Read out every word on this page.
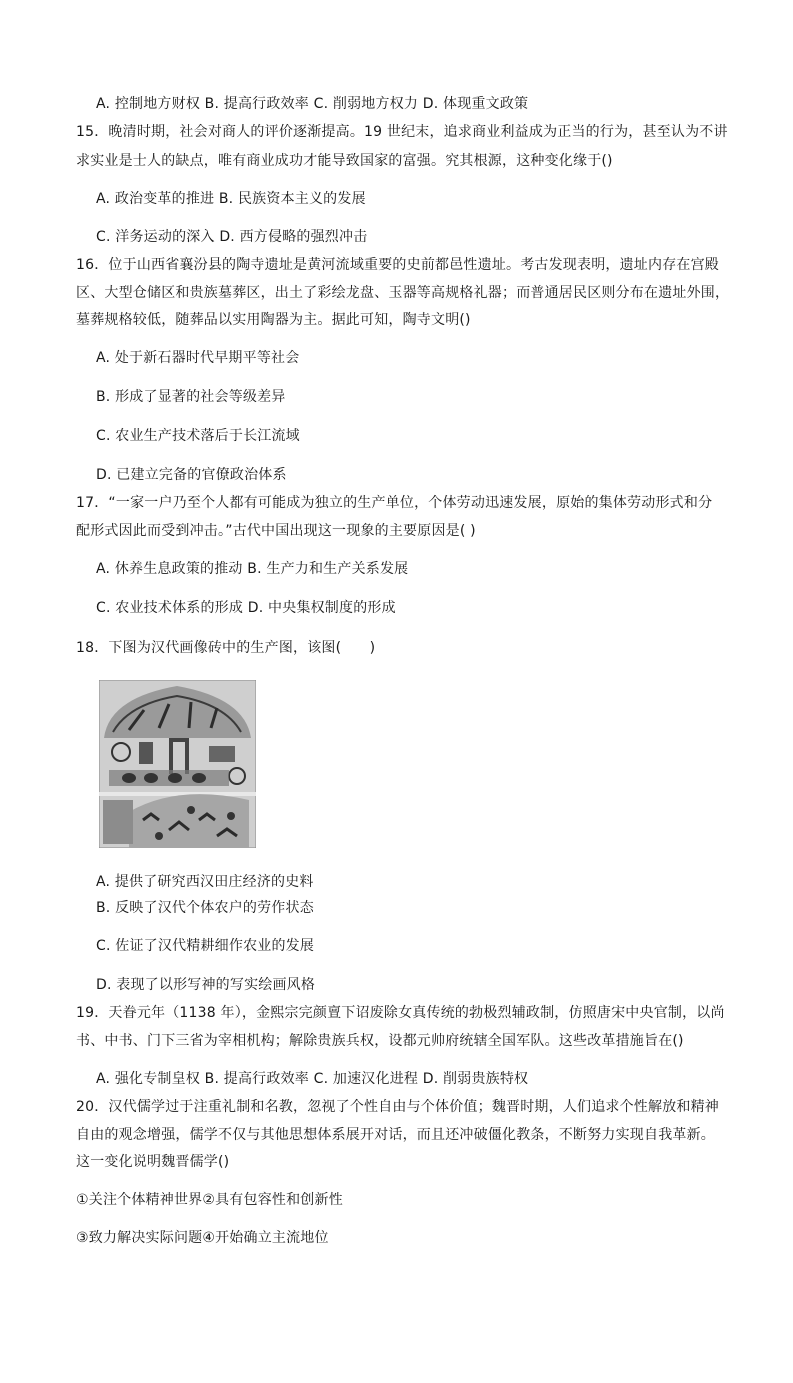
A. 控制地方财权 B. 提高行政效率 C. 削弱地方权力 D. 体现重文政策
15．晚清时期，社会对商人的评价逐渐提高。19 世纪末，追求商业利益成为正当的行为，甚至认为不讲
求实业是士人的缺点，唯有商业成功才能导致国家的富强。究其根源，这种变化缘于()
A. 政治变革的推进 B. 民族资本主义的发展
C. 洋务运动的深入 D. 西方侵略的强烈冲击
16．位于山西省襄汾县的陶寺遗址是黄河流域重要的史前都邑性遗址。考古发现表明，遗址内存在宫殿
区、大型仓储区和贵族墓葬区，出土了彩绘龙盘、玉器等高规格礼器；而普通居民区则分布在遗址外围，
墓葬规格较低，随葬品以实用陶器为主。据此可知，陶寺文明()
A. 处于新石器时代早期平等社会
B. 形成了显著的社会等级差异
C. 农业生产技术落后于长江流域
D. 已建立完备的官僚政治体系
17．“一家一户乃至个人都有可能成为独立的生产单位，个体劳动迅速发展，原始的集体劳动形式和分
配形式因此而受到冲击。”古代中国出现这一现象的主要原因是( )
A. 休养生息政策的推动 B. 生产力和生产关系发展
C. 农业技术体系的形成 D. 中央集权制度的形成
18．下图为汉代画像砖中的生产图，该图(　　)
A. 提供了研究西汉田庄经济的史料
B. 反映了汉代个体农户的劳作状态
C. 佐证了汉代精耕细作农业的发展
D. 表现了以形写神的写实绘画风格
19．天眷元年（1138 年），金熙宗完颜亶下诏废除女真传统的勃极烈辅政制，仿照唐宋中央官制，以尚
书、中书、门下三省为宰相机构；解除贵族兵权，设都元帅府统辖全国军队。这些改革措施旨在()
A. 强化专制皇权 B. 提高行政效率 C. 加速汉化进程 D. 削弱贵族特权
20．汉代儒学过于注重礼制和名教，忽视了个性自由与个体价值；魏晋时期，人们追求个性解放和精神
自由的观念增强，儒学不仅与其他思想体系展开对话，而且还冲破僵化教条，不断努力实现自我革新。
这一变化说明魏晋儒学()
①关注个体精神世界②具有包容性和创新性
③致力解决实际问题④开始确立主流地位
